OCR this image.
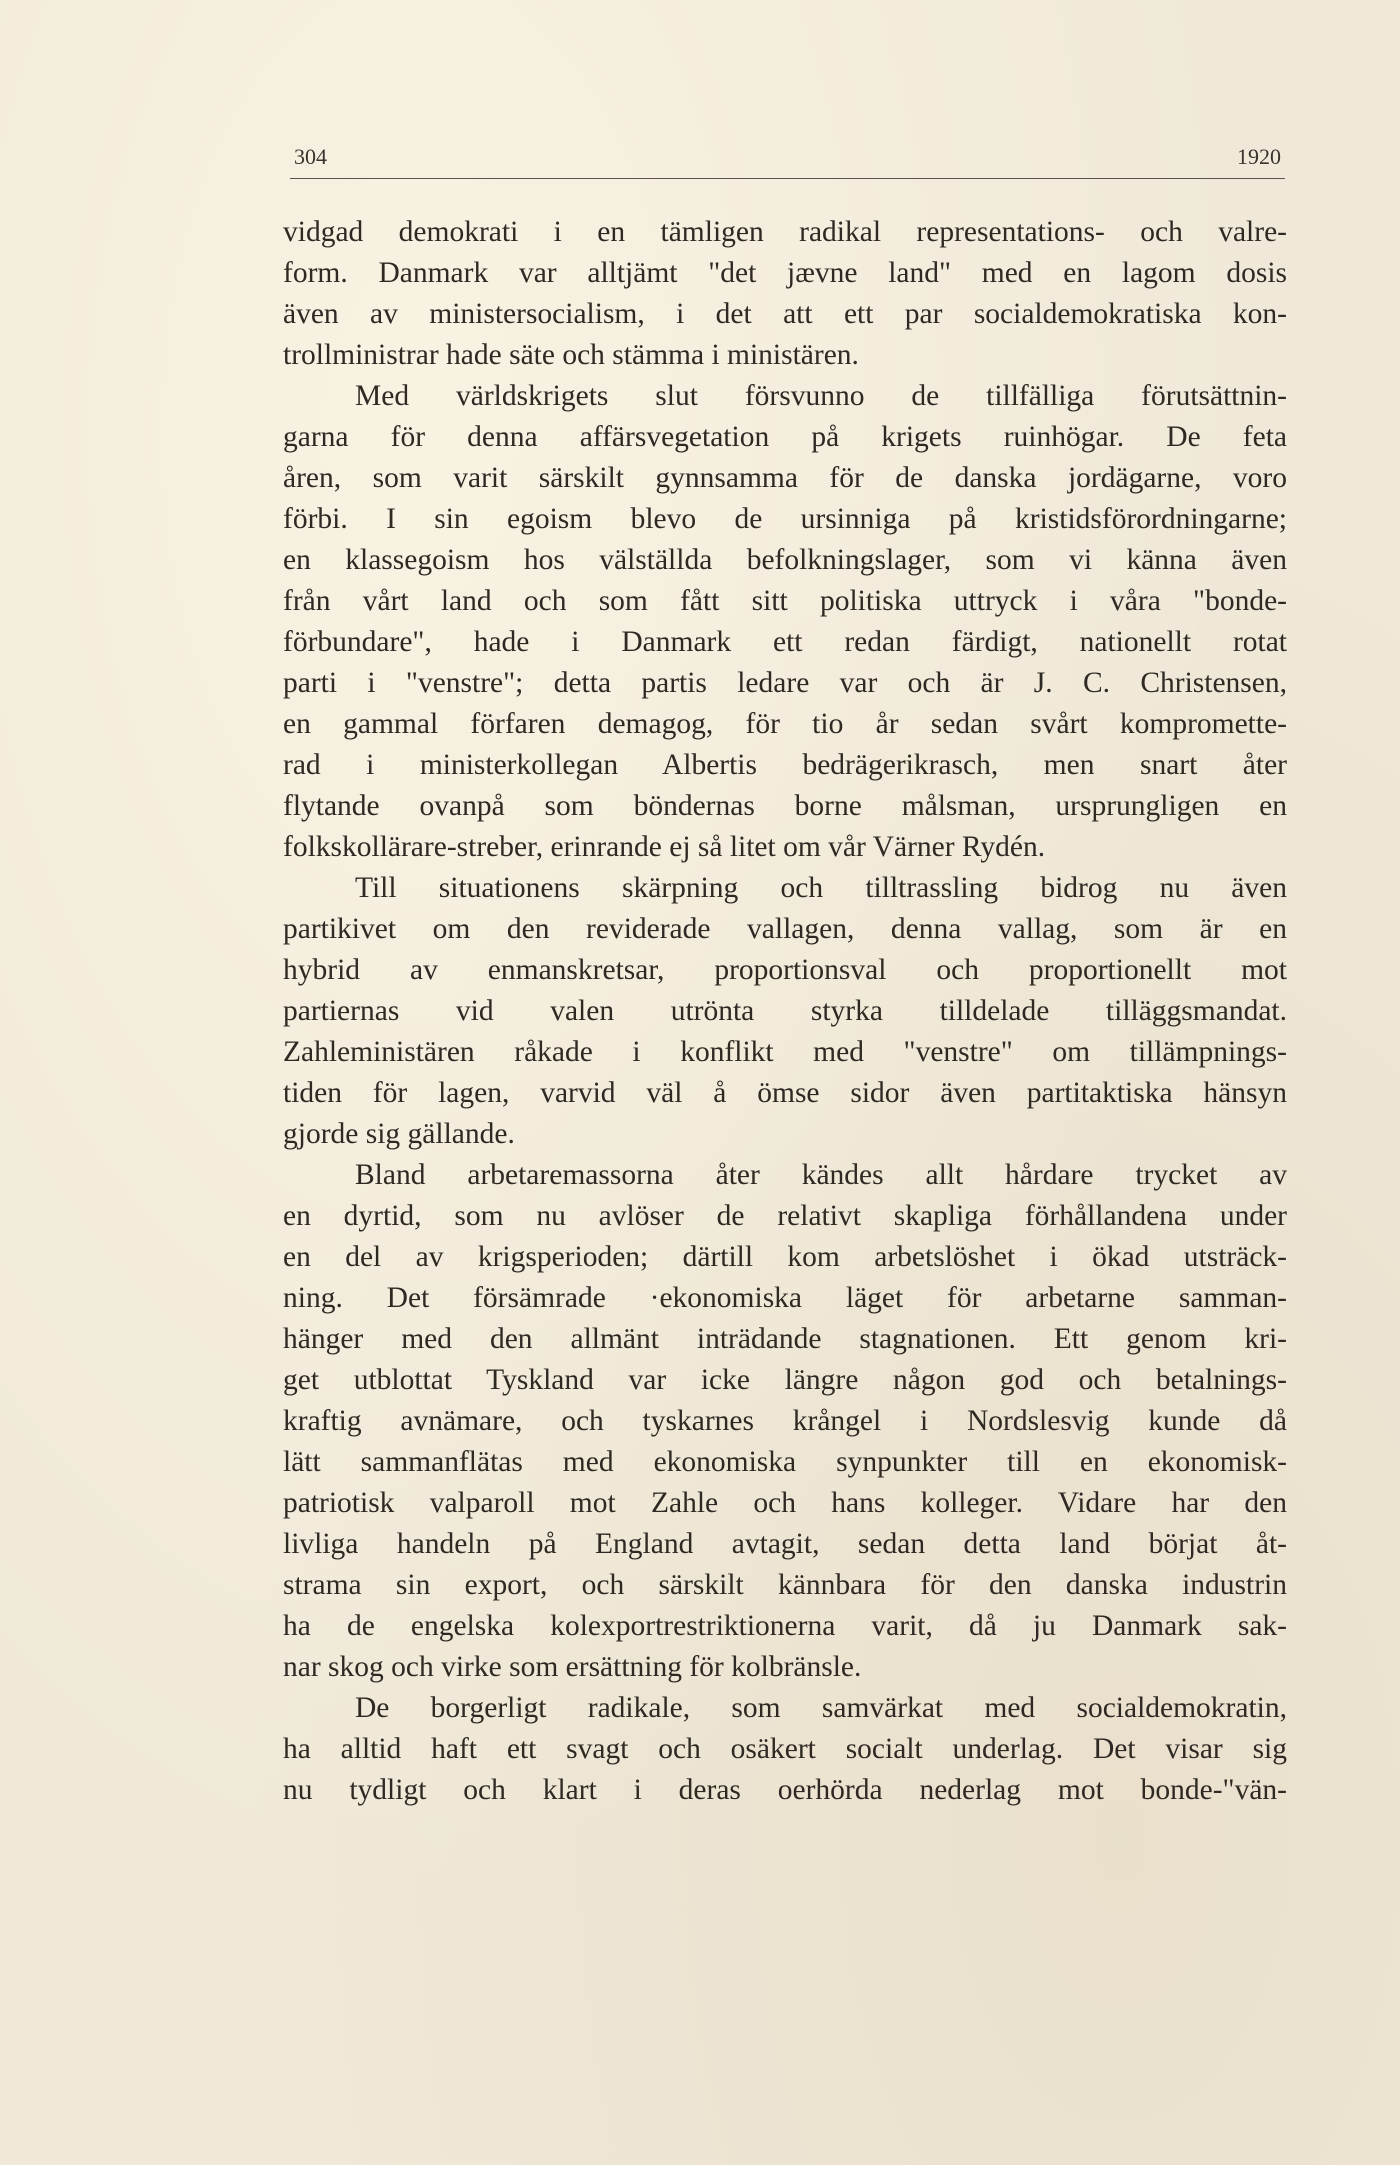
304	1920
vidgad demokrati i en tämligen radikal representations- och valre-
form. Danmark var alltjämt "det jævne land" med en lagom dosis
även av ministersocialism, i det att ett par socialdemokratiska kon-
trollministrar hade säte och stämma i ministären.
Med världskrigets slut försvunno de tillfälliga förutsättnin-
garna för denna affärsvegetation på krigets ruinhögar. De feta
åren, som varit särskilt gynnsamma för de danska jordägarne, voro
förbi. I sin egoism blevo de ursinniga på kristidsförordningarne;
en klassegoism hos välställda befolkningslager, som vi känna även
från vårt land och som fått sitt politiska uttryck i våra "bonde-
förbundare", hade i Danmark ett redan färdigt, nationellt rotat
parti i "venstre"; detta partis ledare var och är J. C. Christensen,
en gammal förfaren demagog, för tio år sedan svårt kompromette-
rad i ministerkollegan Albertis bedrägerikrasch, men snart åter
flytande ovanpå som böndernas borne målsman, ursprungligen en
folkskollärare-streber, erinrande ej så litet om vår Värner Rydén.
Till situationens skärpning och tilltrassling bidrog nu även
partikivet om den reviderade vallagen, denna vallag, som är en
hybrid av enmanskretsar, proportionsval och proportionellt mot
partiernas vid valen utrönta styrka tilldelade tilläggsmandat.
Zahleministären råkade i konflikt med "venstre" om tillämpnings-
tiden för lagen, varvid väl å ömse sidor även partitaktiska hänsyn
gjorde sig gällande.
Bland arbetaremassorna åter kändes allt hårdare trycket av
en dyrtid, som nu avlöser de relativt skapliga förhållandena under
en del av krigsperioden; därtill kom arbetslöshet i ökad utsträck-
ning. Det försämrade ·ekonomiska läget för arbetarne samman-
hänger med den allmänt inträdande stagnationen. Ett genom kri-
get utblottat Tyskland var icke längre någon god och betalnings-
kraftig avnämare, och tyskarnes krångel i Nordslesvig kunde då
lätt sammanflätas med ekonomiska synpunkter till en ekonomisk-
patriotisk valparoll mot Zahle och hans kolleger. Vidare har den
livliga handeln på England avtagit, sedan detta land börjat åt-
strama sin export, och särskilt kännbara för den danska industrin
ha de engelska kolexportrestriktionerna varit, då ju Danmark sak-
nar skog och virke som ersättning för kolbränsle.
De borgerligt radikale, som samvärkat med socialdemokratin,
ha alltid haft ett svagt och osäkert socialt underlag. Det visar sig
nu tydligt och klart i deras oerhörda nederlag mot bonde-"vän-
